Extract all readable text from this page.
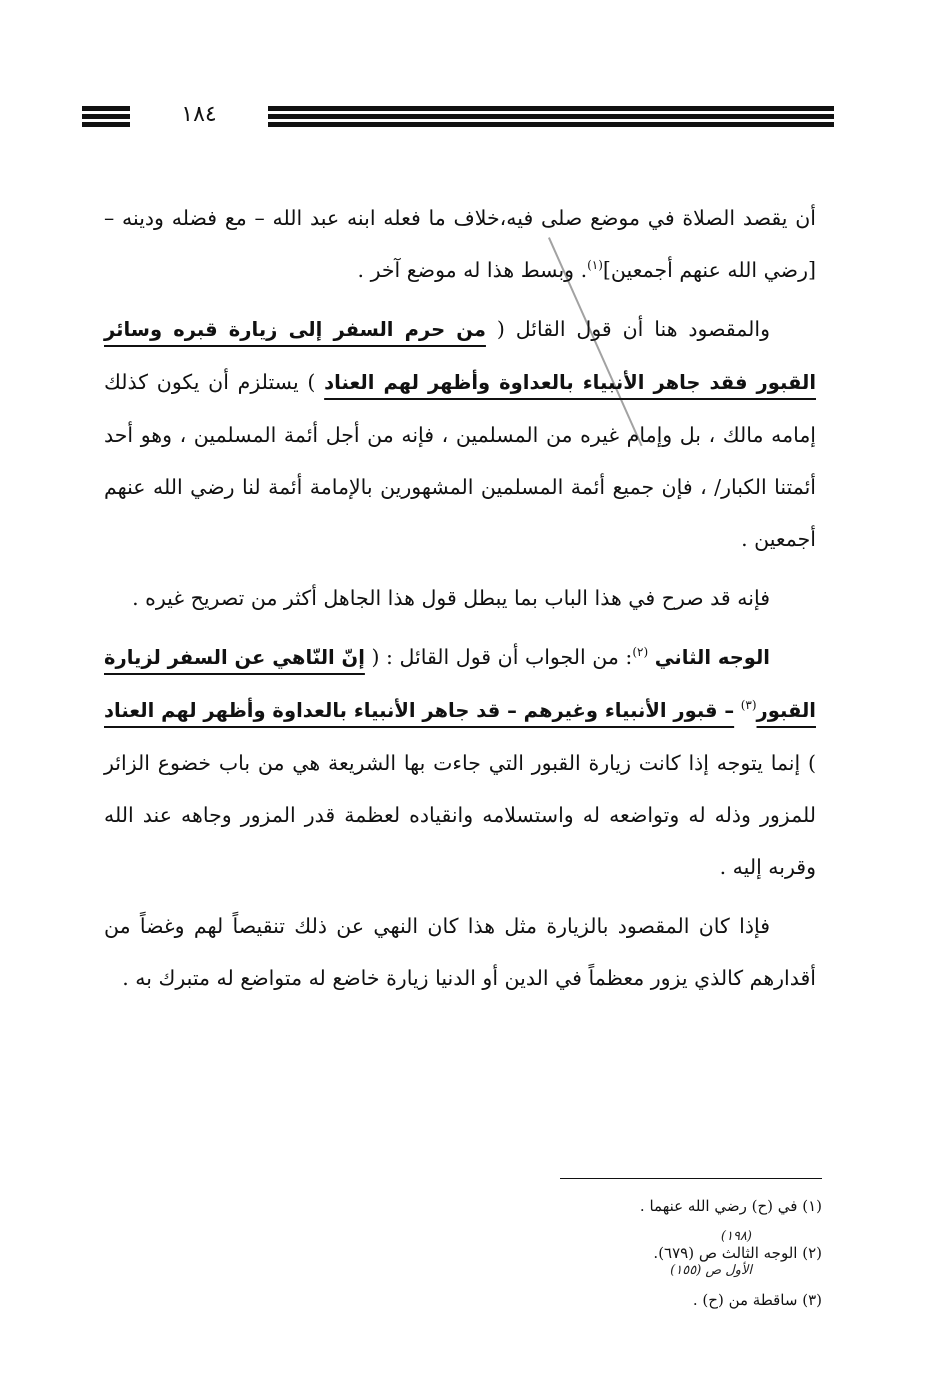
١٨٤

أن يقصد الصلاة في موضع صلى فيه،خلاف ما فعله ابنه عبد الله – مع فضله ودينه – [رضي الله عنهم أجمعين]$^{(١)}$. وبسط هذا له موضع آخر .

والمقصود هنا أن قول القائل ( من حرم السفر إلى زيارة قبره وسائر القبور فقد جاهر الأنبياء بالعداوة وأظهر لهم العناد ) يستلزم أن يكون كذلك إمامه مالك ، بل وإمام غيره من المسلمين ، فإنه من أجل أئمة المسلمين ، وهو أحد أئمتنا الكبار/ ، فإن جميع أئمة المسلمين المشهورين بالإمامة أئمة لنا رضي الله عنهم أجمعين .

فإنه قد صرح في هذا الباب بما يبطل قول هذا الجاهل أكثر من تصريح غيره .

الوجه الثاني $^{(٢)}$: من الجواب أن قول القائل : ( إنّ النّاهي عن السفر لزيارة القبور$^{(٣)}$ – قبور الأنبياء وغيرهم – قد جاهر الأنبياء بالعداوة وأظهر لهم العناد ) إنما يتوجه إذا كانت زيارة القبور التي جاءت بها الشريعة هي من باب خضوع الزائر للمزور وذله له وتواضعه له واستسلامه وانقياده لعظمة قدر المزور وجاهه عند الله وقربه إليه .

فإذا كان المقصود بالزيارة مثل هذا كان النهي عن ذلك تنقيصاً لهم وغضاً من أقدارهم كالذي يزور معظماً في الدين أو الدنيا زيارة خاضع له متواضع له متبرك به .

(١) في (ح) رضي الله عنهما .
(١٩٨)
(٢) الوجه الثالث ص (٦٧٩).
الأول ص (١٥٥)
(٣) ساقطة من (ح) .
